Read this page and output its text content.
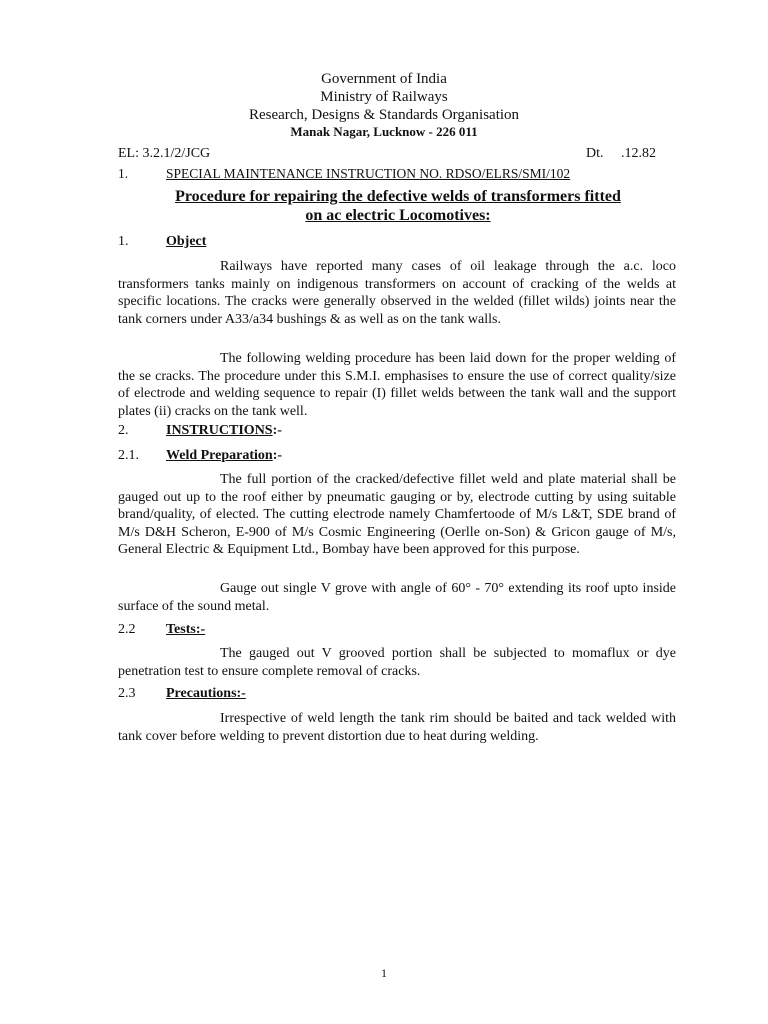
Government of India
Ministry of Railways
Research, Designs & Standards Organisation
Manak Nagar, Lucknow - 226 011
EL: 3.2.1/2/JCG	Dt.     .12.82
1.	SPECIAL MAINTENANCE INSTRUCTION NO. RDSO/ELRS/SMI/102
Procedure for repairing the defective welds of transformers fitted
on ac electric Locomotives:
1.	Object

Railways have reported many cases of oil leakage through the a.c. loco transformers tanks mainly on indigenous transformers on account of cracking of the welds at specific locations. The cracks were generally observed in the welded (fillet wilds) joints near the tank corners under A33/a34 bushings & as well as on the tank walls.

The following welding procedure has been laid down for the proper welding of the se cracks. The procedure under this S.M.I. emphasises to ensure the use of correct quality/size of electrode and welding sequence to repair (I) fillet welds between the tank wall and the support plates (ii) cracks on the tank well.

2.	INSTRUCTIONS:-
2.1. Weld Preparation:-

The full portion of the cracked/defective fillet weld and plate material shall be gauged out up to the roof either by pneumatic gauging or by, electrode cutting by using suitable brand/quality, of elected. The cutting electrode namely Chamfertoode of M/s L&T, SDE brand of M/s D&H Scheron, E-900 of M/s Cosmic Engineering (Oerlle on-Son) & Gricon gauge of M/s, General Electric & Equipment Ltd., Bombay have been approved for this purpose.

Gauge out single V grove with angle of 60° - 70° extending its roof upto inside surface of the sound metal.

2.2 Tests:-

The gauged out V grooved portion shall be subjected to momaflux or dye penetration test to ensure complete removal of cracks.

2.3 Precautions:-

Irrespective of weld length the tank rim should be baited and tack welded with tank cover before welding to prevent distortion due to heat during welding.

1
